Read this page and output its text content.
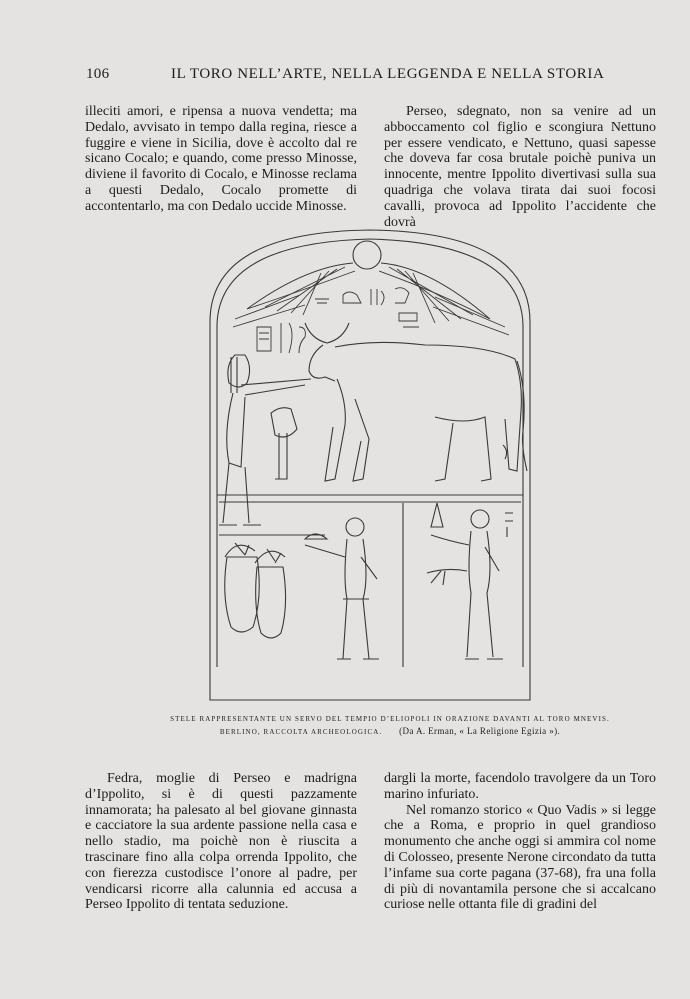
106	IL TORO NELL’ARTE, NELLA LEGGENDA E NELLA STORIA

illeciti amori, e ripensa a nuova vendetta; ma Dedalo, avvisato in tempo dalla regina, riesce a fuggire e viene in Sicilia, dove è accolto dal re sicano Cocalo; e quando, come presso Minosse, diviene il favorito di Cocalo, e Minosse reclama a questi Dedalo, Cocalo promette di accontentarlo, ma con Dedalo uccide Minosse.

Perseo, sdegnato, non sa venire ad un abboccamento col figlio e scongiura Nettuno per essere vendicato, e Nettuno, quasi sapesse che doveva far cosa brutale poichè puniva un innocente, mentre Ippolito divertivasi sulla sua quadriga che volava tirata dai suoi focosi cavalli, provoca ad Ippolito l’accidente che dovrà

STELE RAPPRESENTANTE UN SERVO DEL TEMPIO D’ELIOPOLI IN ORAZIONE DAVANTI AL TORO MNEVIS.
BERLINO, RACCOLTA ARCHEOLOGICA. (Da A. Erman, « La Religione Egizia »).

Fedra, moglie di Perseo e madrigna d’Ippolito, si è di questi pazzamente innamorata; ha palesato al bel giovane ginnasta e cacciatore la sua ardente passione nella casa e nello stadio, ma poichè non è riuscita a trascinare fino alla colpa orrenda Ippolito, che con fierezza custodisce l’onore al padre, per vendicarsi ricorre alla calunnia ed accusa a Perseo Ippolito di tentata seduzione.

dargli la morte, facendolo travolgere da un Toro marino infuriato.

Nel romanzo storico « Quo Vadis » si legge che a Roma, e proprio in quel grandioso monumento che anche oggi si ammira col nome di Colosseo, presente Nerone circondato da tutta l’infame sua corte pagana (37-68), fra una folla di più di novantamila persone che si accalcano curiose nelle ottanta file di gradini del
